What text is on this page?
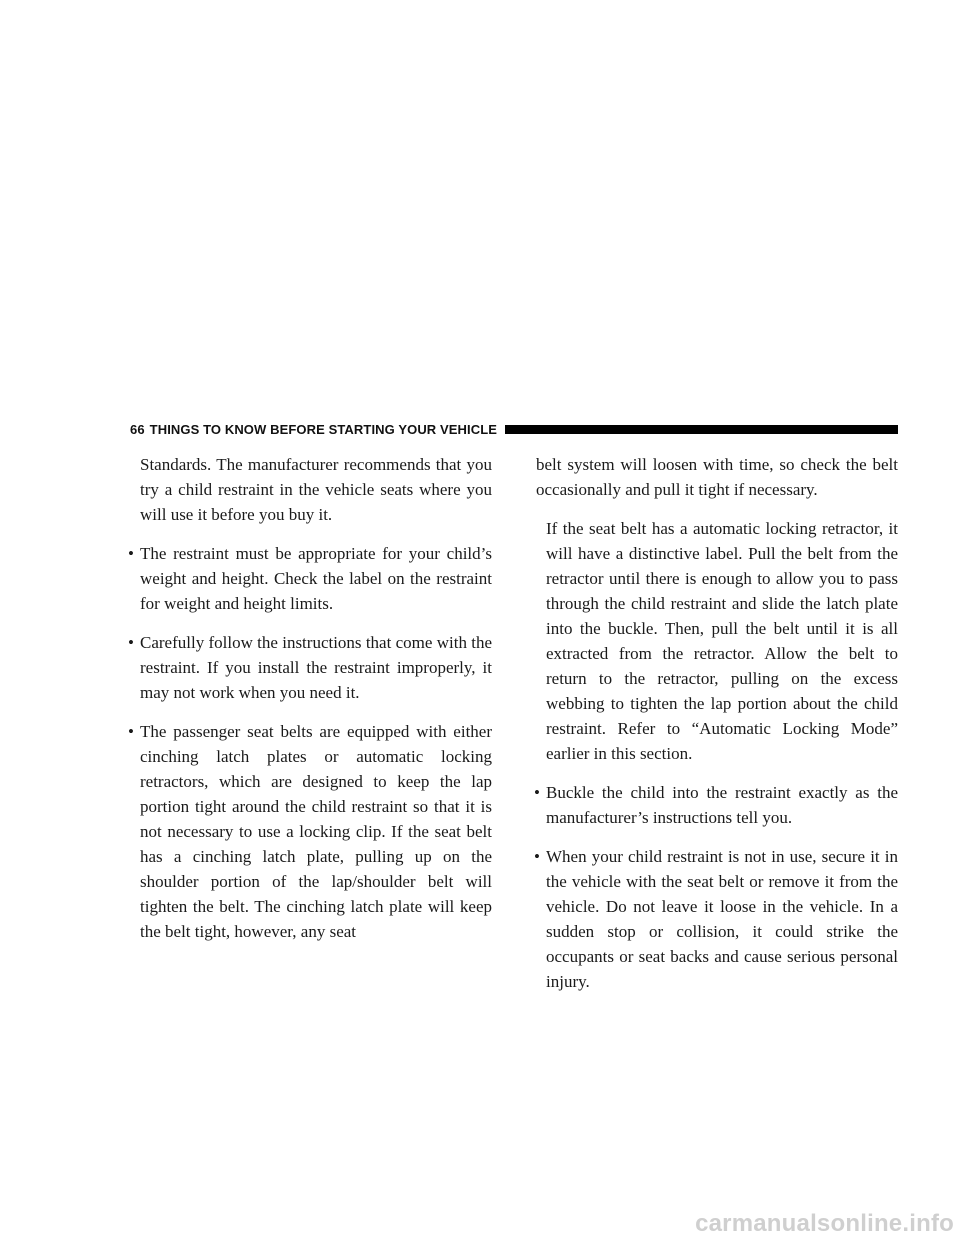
66 THINGS TO KNOW BEFORE STARTING YOUR VEHICLE

Standards. The manufacturer recommends that you try a child restraint in the vehicle seats where you will use it before you buy it.

• The restraint must be appropriate for your child’s weight and height. Check the label on the restraint for weight and height limits.
• Carefully follow the instructions that come with the restraint. If you install the restraint improperly, it may not work when you need it.
• The passenger seat belts are equipped with either cinching latch plates or automatic locking retractors, which are designed to keep the lap portion tight around the child restraint so that it is not necessary to use a locking clip. If the seat belt has a cinching latch plate, pulling up on the shoulder portion of the lap/shoulder belt will tighten the belt. The cinching latch plate will keep the belt tight, however, any seat

belt system will loosen with time, so check the belt occasionally and pull it tight if necessary.

If the seat belt has a automatic locking retractor, it will have a distinctive label. Pull the belt from the retractor until there is enough to allow you to pass through the child restraint and slide the latch plate into the buckle. Then, pull the belt until it is all extracted from the retractor. Allow the belt to return to the retractor, pulling on the excess webbing to tighten the lap portion about the child restraint. Refer to “Automatic Locking Mode” earlier in this section.

• Buckle the child into the restraint exactly as the manufacturer’s instructions tell you.
• When your child restraint is not in use, secure it in the vehicle with the seat belt or remove it from the vehicle. Do not leave it loose in the vehicle. In a sudden stop or collision, it could strike the occupants or seat backs and cause serious personal injury.
carmanualsonline.info
